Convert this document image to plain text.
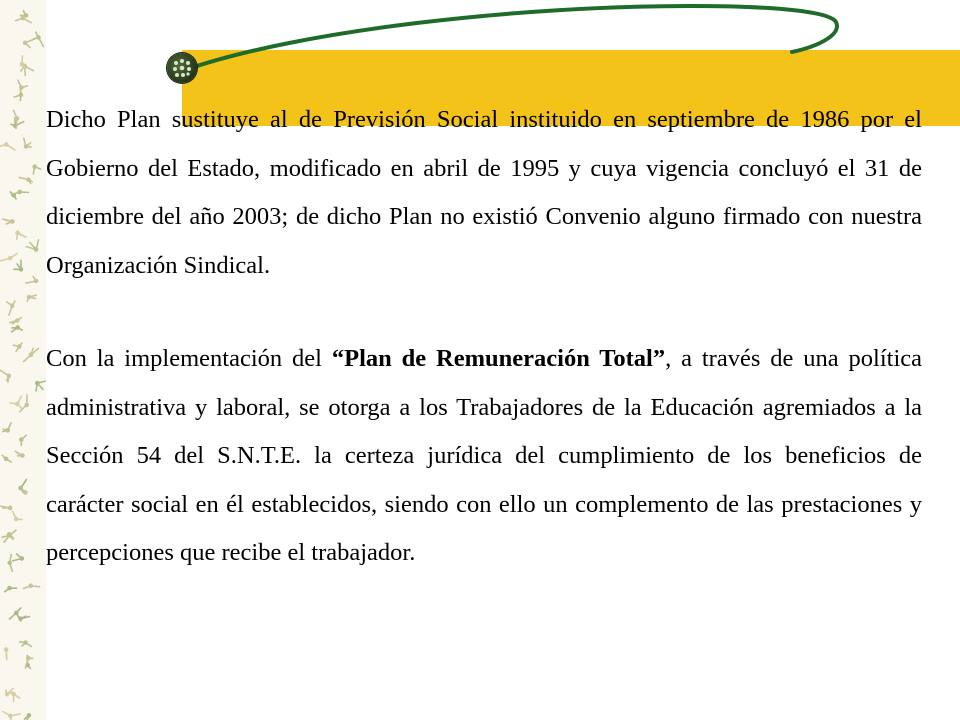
Dicho Plan sustituye al de Previsión Social instituido en septiembre de 1986 por el Gobierno del Estado, modificado en abril de 1995 y cuya vigencia concluyó el 31 de diciembre del año 2003; de dicho Plan no existió Convenio alguno firmado con nuestra Organización Sindical.

Con la implementación del “Plan de Remuneración Total”, a través de una política administrativa y laboral, se otorga a los Trabajadores de la Educación agremiados a la Sección 54 del S.N.T.E. la certeza jurídica del cumplimiento de los beneficios de carácter social en él establecidos, siendo con ello un complemento de las prestaciones y percepciones que recibe el trabajador.
